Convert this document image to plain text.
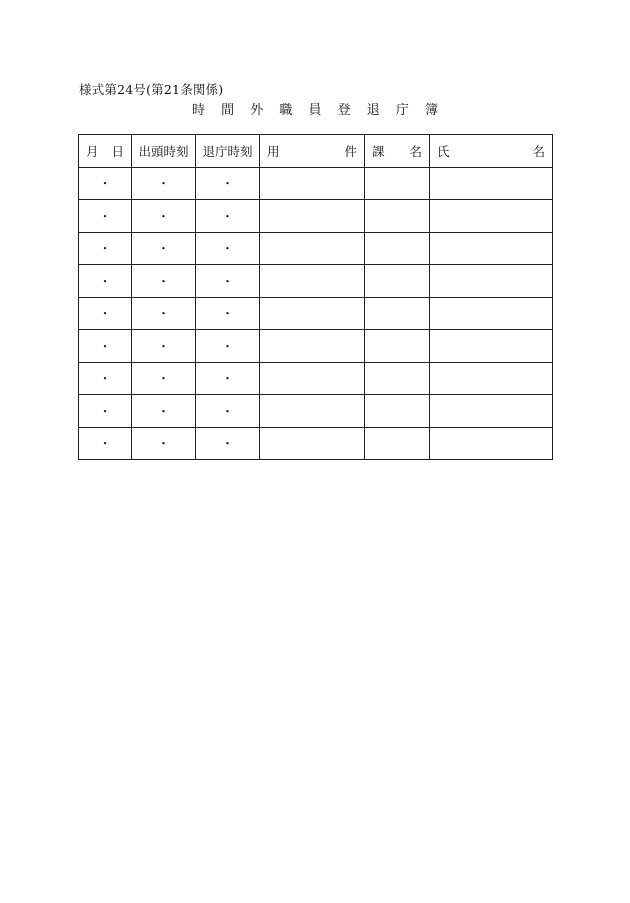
様式第24号(第21条関係)
時 間 外 職 員 登 退 庁 簿
月 日	出頭時刻	退庁時刻	用 件	課 名	氏 名

・	・	・			
・	・	・			
・	・	・			
・	・	・			
・	・	・			
・	・	・			
・	・	・			
・	・	・			
・	・	・			
